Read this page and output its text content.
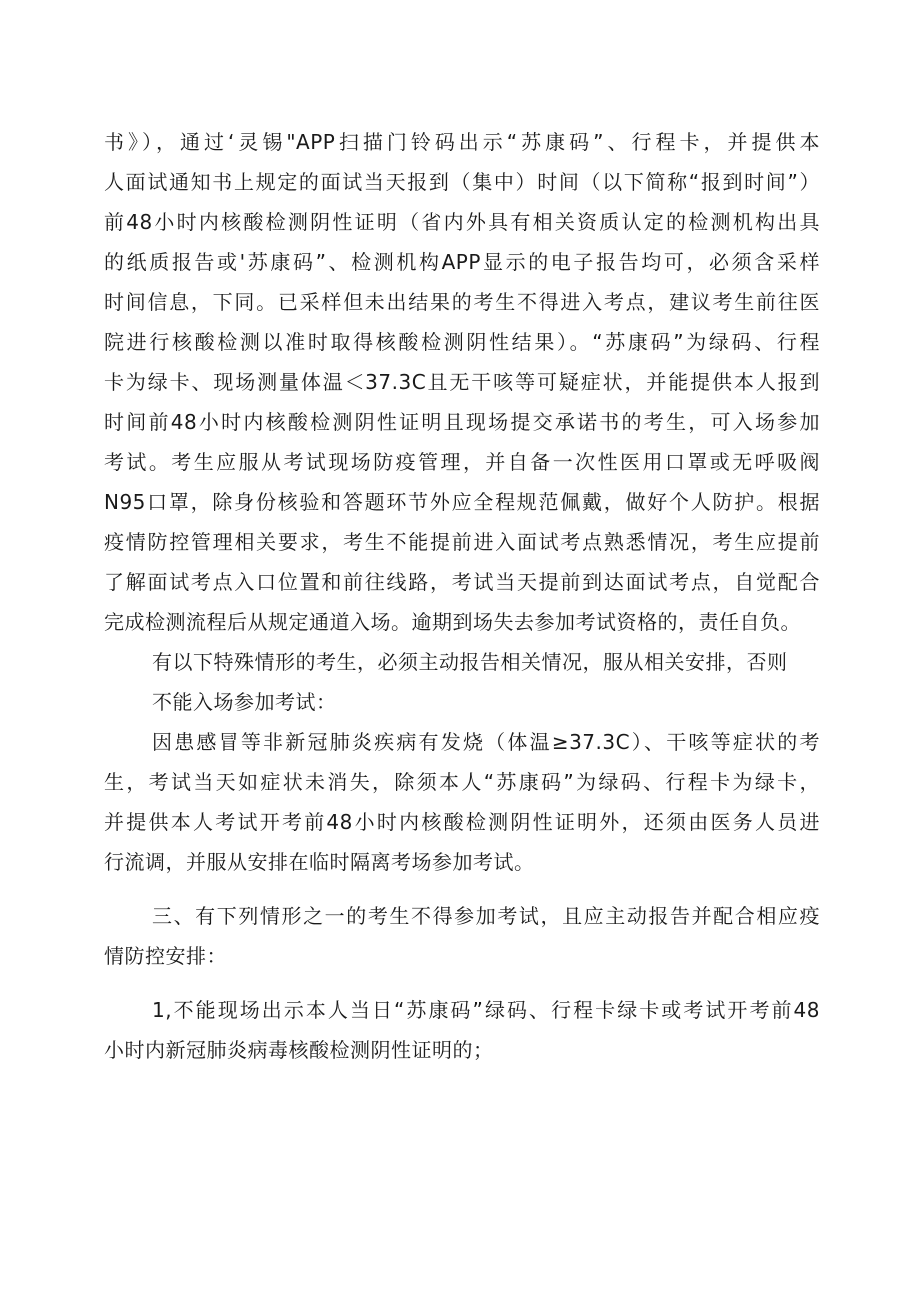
书》），通过‘灵锡"APP扫描门铃码出示“苏康码”、行程卡，并提供本
人面试通知书上规定的面试当天报到（集中）时间（以下简称“报到时间”）
前48小时内核酸检测阴性证明（省内外具有相关资质认定的检测机构出具
的纸质报告或'苏康码”、检测机构APP显示的电子报告均可，必须含采样
时间信息，下同。已采样但未出结果的考生不得进入考点，建议考生前往医
院进行核酸检测以准时取得核酸检测阴性结果）。“苏康码”为绿码、行程
卡为绿卡、现场测量体温＜37.3C且无干咳等可疑症状，并能提供本人报到
时间前48小时内核酸检测阴性证明且现场提交承诺书的考生，可入场参加
考试。考生应服从考试现场防疫管理，并自备一次性医用口罩或无呼吸阀
N95口罩，除身份核验和答题环节外应全程规范佩戴，做好个人防护。根据
疫情防控管理相关要求，考生不能提前进入面试考点熟悉情况，考生应提前
了解面试考点入口位置和前往线路，考试当天提前到达面试考点，自觉配合
完成检测流程后从规定通道入场。逾期到场失去参加考试资格的，责任自负。
有以下特殊情形的考生，必须主动报告相关情况，服从相关安排，否则
不能入场参加考试：
因患感冒等非新冠肺炎疾病有发烧（体温≥37.3C）、干咳等症状的考
生，考试当天如症状未消失，除须本人“苏康码”为绿码、行程卡为绿卡，
并提供本人考试开考前48小时内核酸检测阴性证明外，还须由医务人员进
行流调，并服从安排在临时隔离考场参加考试。
三、有下列情形之一的考生不得参加考试，且应主动报告并配合相应疫
情防控安排：
1,不能现场出示本人当日“苏康码”绿码、行程卡绿卡或考试开考前48
小时内新冠肺炎病毒核酸检测阴性证明的；
